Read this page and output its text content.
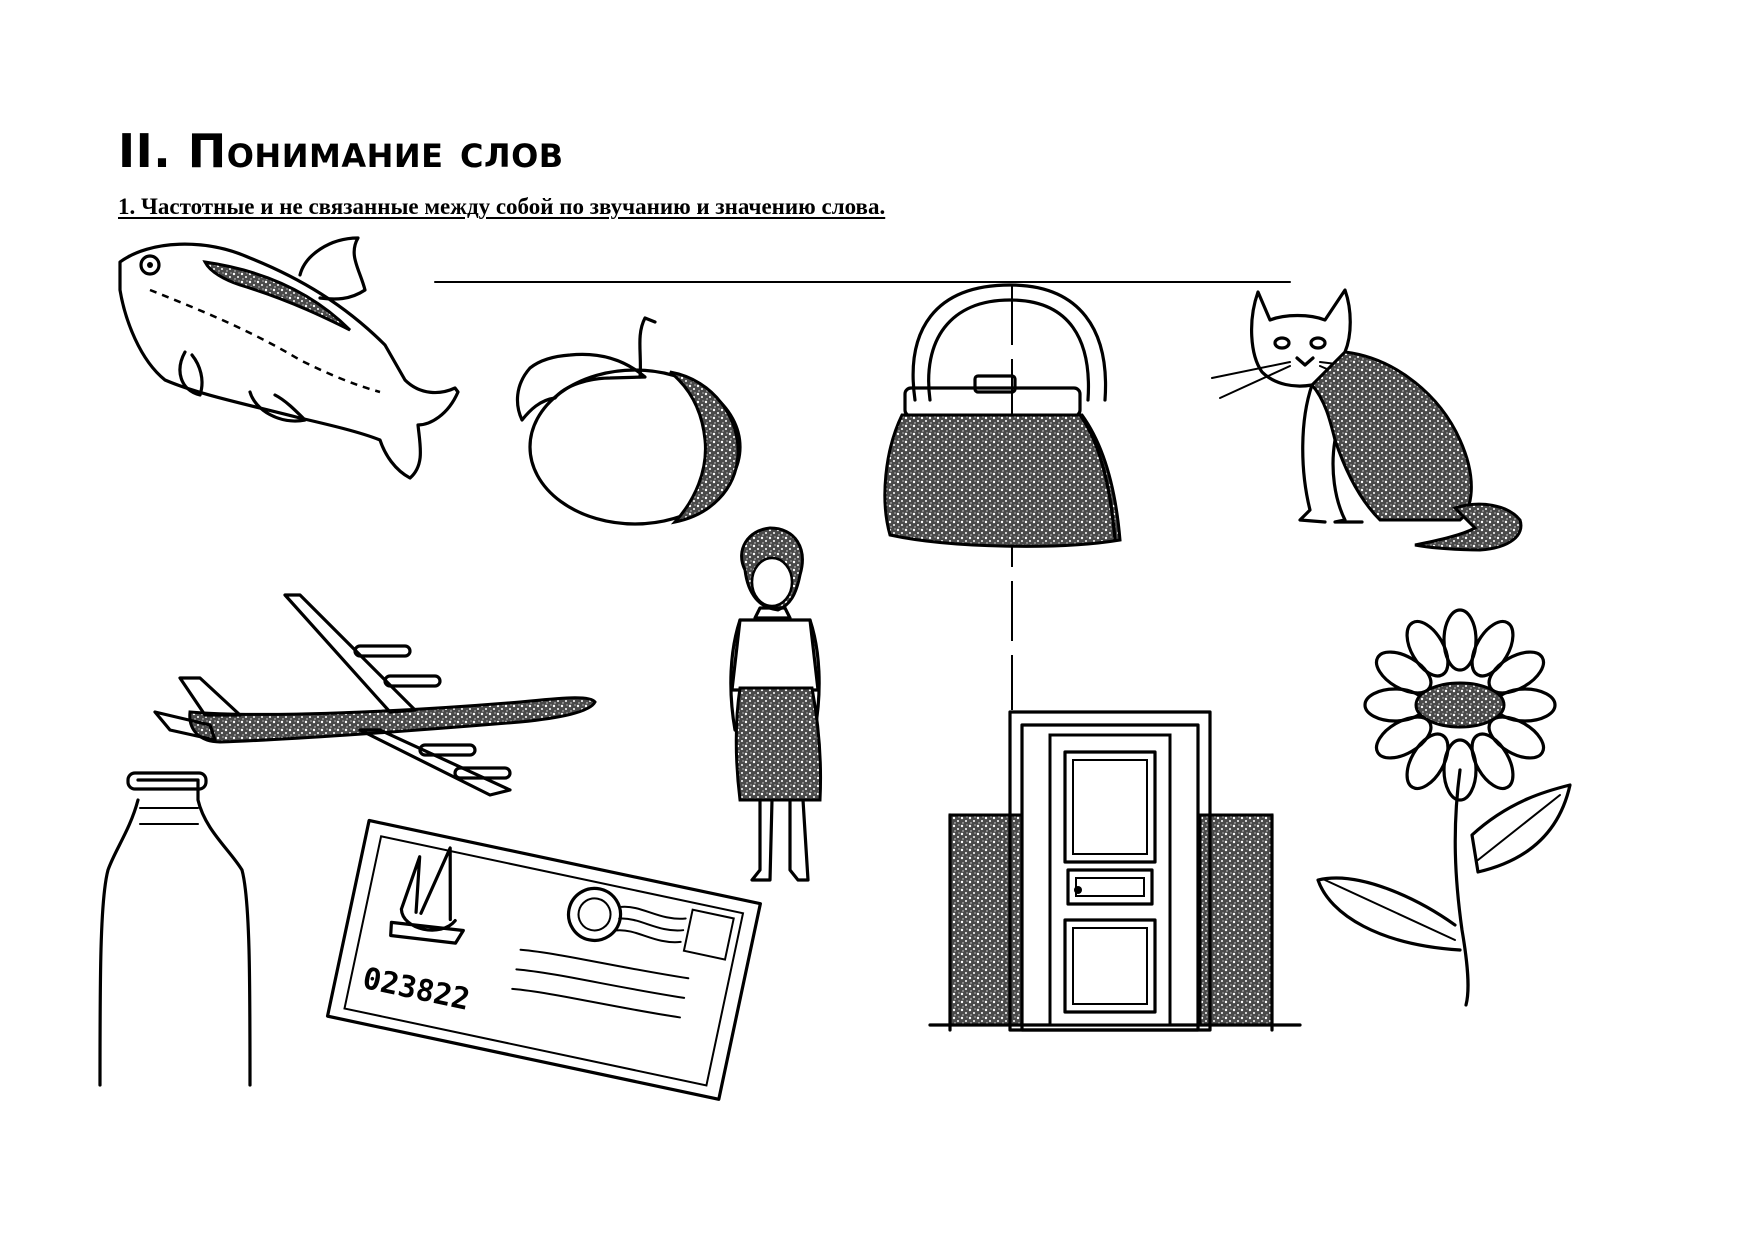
II. Понимание слов

1. Частотные и не связанные между собой по звучанию и значению слова.

023822
